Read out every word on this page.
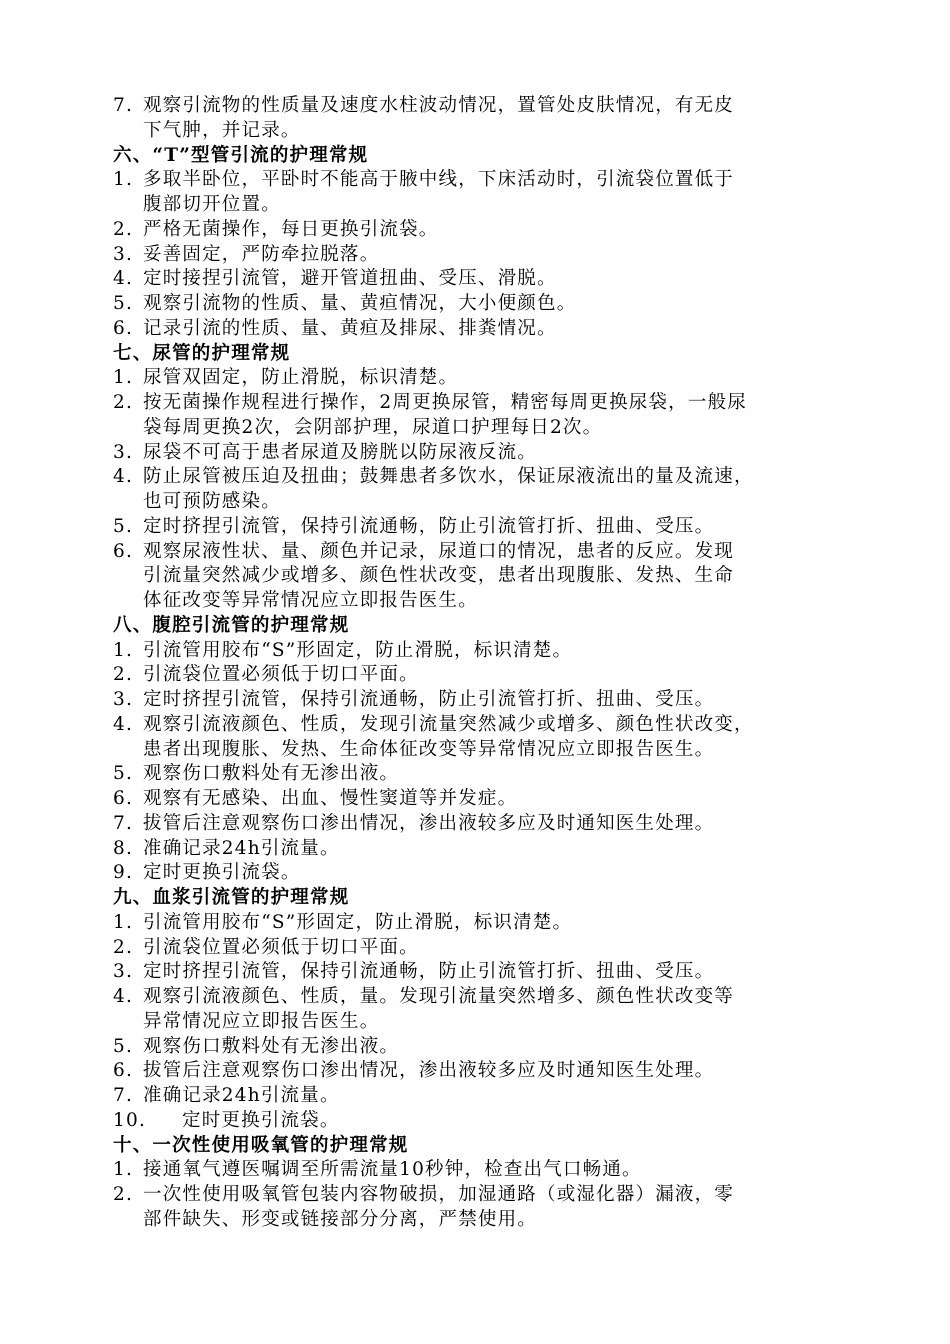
7. 观察引流物的性质量及速度水柱波动情况，置管处皮肤情况，有无皮
下气肿，并记录。
六、“T”型管引流的护理常规
1. 多取半卧位，平卧时不能高于腋中线，下床活动时，引流袋位置低于
腹部切开位置。
2. 严格无菌操作，每日更换引流袋。
3. 妥善固定，严防牵拉脱落。
4. 定时接捏引流管，避开管道扭曲、受压、滑脱。
5. 观察引流物的性质、量、黄疸情况，大小便颜色。
6. 记录引流的性质、量、黄疸及排尿、排粪情况。
七、尿管的护理常规
1. 尿管双固定，防止滑脱，标识清楚。
2. 按无菌操作规程进行操作，2周更换尿管，精密每周更换尿袋，一般尿
袋每周更换2次，会阴部护理，尿道口护理每日2次。
3. 尿袋不可高于患者尿道及膀胱以防尿液反流。
4. 防止尿管被压迫及扭曲；鼓舞患者多饮水，保证尿液流出的量及流速，
也可预防感染。
5. 定时挤捏引流管，保持引流通畅，防止引流管打折、扭曲、受压。
6. 观察尿液性状、量、颜色并记录，尿道口的情况，患者的反应。发现
引流量突然减少或增多、颜色性状改变，患者出现腹胀、发热、生命
体征改变等异常情况应立即报告医生。
八、腹腔引流管的护理常规
1. 引流管用胶布“S”形固定，防止滑脱，标识清楚。
2. 引流袋位置必须低于切口平面。
3. 定时挤捏引流管，保持引流通畅，防止引流管打折、扭曲、受压。
4. 观察引流液颜色、性质，发现引流量突然减少或增多、颜色性状改变，
患者出现腹胀、发热、生命体征改变等异常情况应立即报告医生。
5. 观察伤口敷料处有无渗出液。
6. 观察有无感染、出血、慢性窦道等并发症。
7. 拔管后注意观察伤口渗出情况，渗出液较多应及时通知医生处理。
8. 准确记录24h引流量。
9. 定时更换引流袋。
九、血浆引流管的护理常规
1. 引流管用胶布“S”形固定，防止滑脱，标识清楚。
2. 引流袋位置必须低于切口平面。
3. 定时挤捏引流管，保持引流通畅，防止引流管打折、扭曲、受压。
4. 观察引流液颜色、性质，量。发现引流量突然增多、颜色性状改变等
异常情况应立即报告医生。
5. 观察伤口敷料处有无渗出液。
6. 拔管后注意观察伤口渗出情况，渗出液较多应及时通知医生处理。
7. 准确记录24h引流量。
10. 定时更换引流袋。
十、一次性使用吸氧管的护理常规
1. 接通氧气遵医嘱调至所需流量10秒钟，检查出气口畅通。
2. 一次性使用吸氧管包装内容物破损，加湿通路（或湿化器）漏液，零
部件缺失、形变或链接部分分离，严禁使用。
